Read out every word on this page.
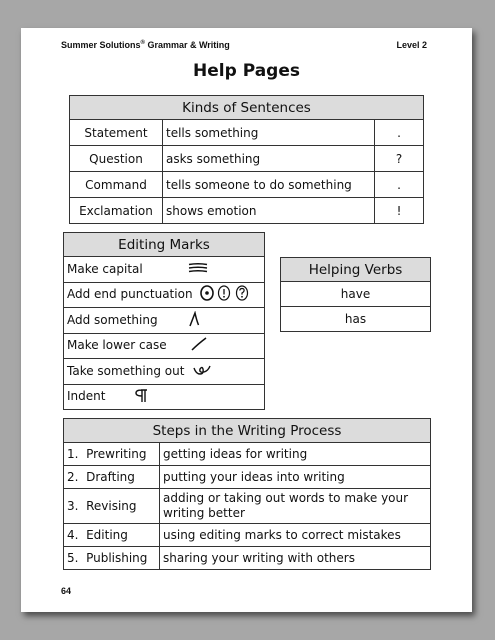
Summer Solutions® Grammar & Writing	Level 2
Help Pages
Kinds of Sentences		
Statement	tells something	.
Question	asks something	?
Command	tells someone to do something	.
Exclamation	shows emotion	!
Editing Marks
Make capital
Add end punctuation
Add something
Make lower case
Take something out
Indent
Helping Verbs
have
has
Steps in the Writing Process	
1.  Prewriting	getting ideas for writing
2.  Drafting	putting your ideas into writing
3.  Revising	adding or taking out words to make your writing better
4.  Editing	using editing marks to correct mistakes
5.  Publishing	sharing your writing with others
64
